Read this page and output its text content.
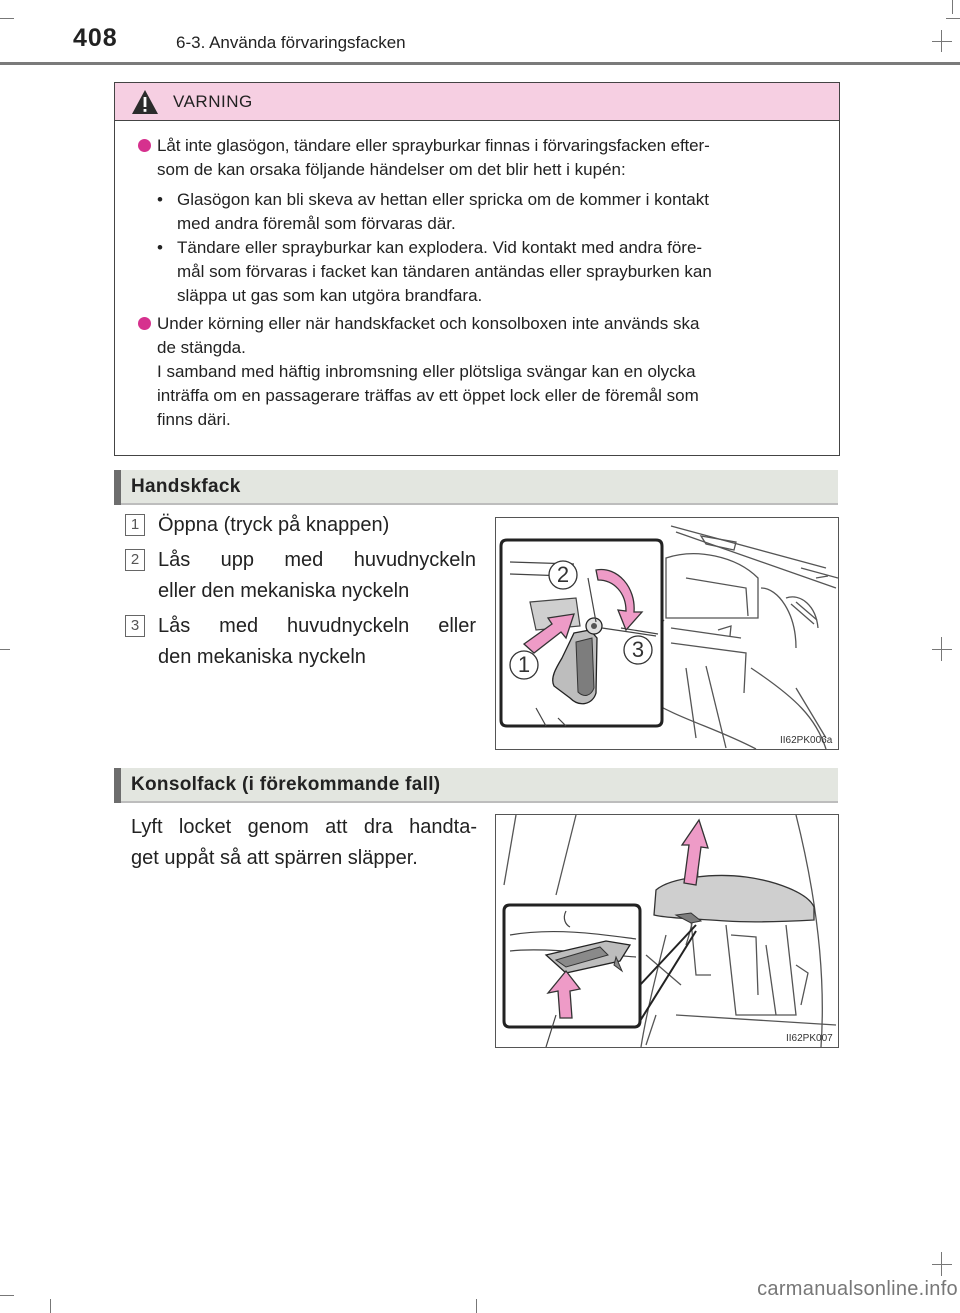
408	6-3. Använda förvaringsfacken
VARNING
Låt inte glasögon, tändare eller sprayburkar finnas i förvaringsfacken efter-
som de kan orsaka följande händelser om det blir hett i kupén:
• Glasögon kan bli skeva av hettan eller spricka om de kommer i kontakt
med andra föremål som förvaras där.
• Tändare eller sprayburkar kan explodera. Vid kontakt med andra före-
mål som förvaras i facket kan tändaren antändas eller sprayburken kan
släppa ut gas som kan utgöra brandfara.
Under körning eller när handskfacket och konsolboxen inte används ska
de stängda.
I samband med häftig inbromsning eller plötsliga svängar kan en olycka
inträffa om en passagerare träffas av ett öppet lock eller de föremål som
finns däri.
Handskfack
1 Öppna (tryck på knappen)
2 Lås upp med huvudnyckeln
eller den mekaniska nyckeln
3 Lås med huvudnyckeln eller
den mekaniska nyckeln
II62PK006a
1
2
3
Konsolfack (i förekommande fall)
Lyft locket genom att dra handta-
get uppåt så att spärren släpper.
II62PK007
carmanualsonline.info
